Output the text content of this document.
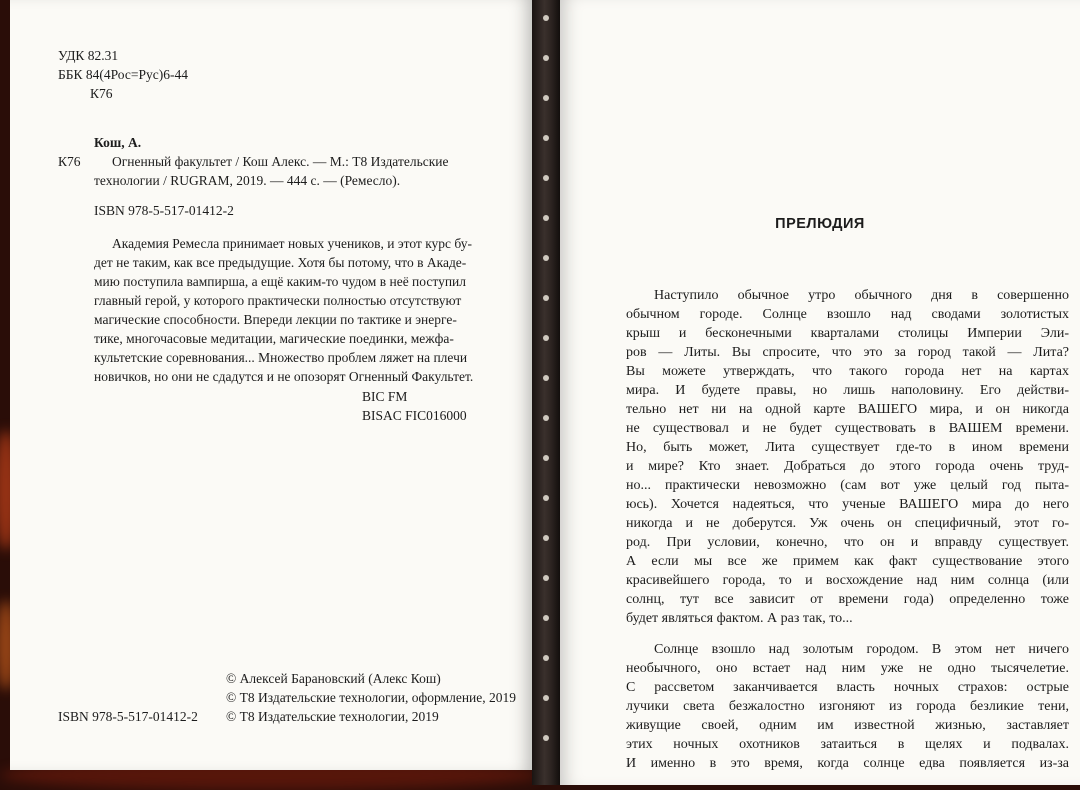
УДК 82.31
ББК 84(4Рос=Рус)6-44
К76
Кош, А.
К76 Огненный факультет / Кош Алекс. — М.: Т8 Издательские
технологии / RUGRAM, 2019. — 444 с. — (Ремесло).
ISBN 978-5-517-01412-2
Академия Ремесла принимает новых учеников, и этот курс бу-
дет не таким, как все предыдущие. Хотя бы потому, что в Акаде-
мию поступила вампирша, а ещё каким-то чудом в неё поступил
главный герой, у которого практически полностью отсутствуют
магические способности. Впереди лекции по тактике и энерге-
тике, многочасовые медитации, магические поединки, межфа-
культетские соревнования... Множество проблем ляжет на плечи
новичков, но они не сдадутся и не опозорят Огненный Факультет.
BIC FM
BISAC FIC016000
© Алексей Барановский (Алекс Кош)
© Т8 Издательские технологии, оформление, 2019
© Т8 Издательские технологии, 2019
ISBN 978-5-517-01412-2
ПРЕЛЮДИЯ
Наступило обычное утро обычного дня в совершенно
обычном городе. Солнце взошло над сводами золотистых
крыш и бесконечными кварталами столицы Империи Эли-
ров — Литы. Вы спросите, что это за город такой — Лита?
Вы можете утверждать, что такого города нет на картах
мира. И будете правы, но лишь наполовину. Его действи-
тельно нет ни на одной карте ВАШЕГО мира, и он никогда
не существовал и не будет существовать в ВАШЕМ времени.
Но, быть может, Лита существует где-то в ином времени
и мире? Кто знает. Добраться до этого города очень труд-
но... практически невозможно (сам вот уже целый год пыта-
юсь). Хочется надеяться, что ученые ВАШЕГО мира до него
никогда и не доберутся. Уж очень он специфичный, этот го-
род. При условии, конечно, что он и вправду существует.
А если мы все же примем как факт существование этого
красивейшего города, то и восхождение над ним солнца (или
солнц, тут все зависит от времени года) определенно тоже
будет являться фактом. А раз так, то...
Солнце взошло над золотым городом. В этом нет ничего
необычного, оно встает над ним уже не одно тысячелетие.
С рассветом заканчивается власть ночных страхов: острые
лучики света безжалостно изгоняют из города безликие тени,
живущие своей, одним им известной жизнью, заставляет
этих ночных охотников затаиться в щелях и подвалах.
И именно в это время, когда солнце едва появляется из-за
